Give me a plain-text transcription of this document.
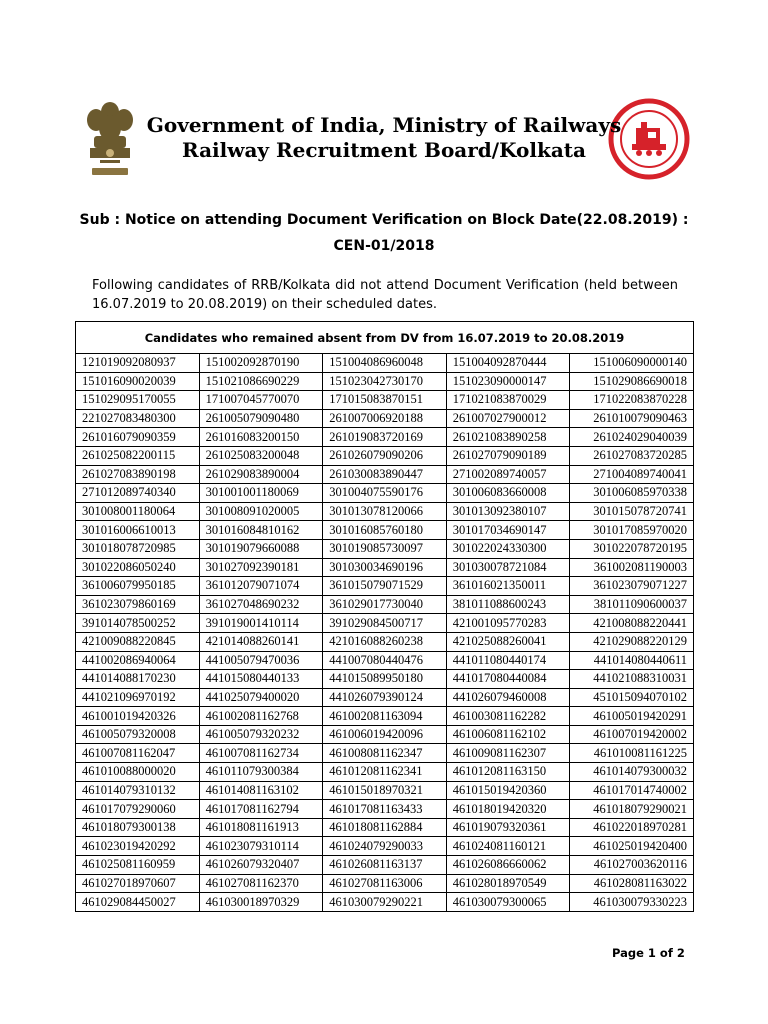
Government of India, Ministry of Railways
Railway Recruitment Board/Kolkata
Sub : Notice on attending Document Verification on Block Date(22.08.2019) :
CEN-01/2018
Following candidates of RRB/Kolkata did not attend Document Verification (held between 16.07.2019 to 20.08.2019) on their scheduled dates.
Candidates who remained absent from DV from 16.07.2019 to 20.08.2019				
121019092080937	151002092870190	151004086960048	151004092870444	151006090000140
151016090020039	151021086690229	151023042730170	151023090000147	151029086690018
151029095170055	171007045770070	171015083870151	171021083870029	171022083870228
221027083480300	261005079090480	261007006920188	261007027900012	261010079090463
261016079090359	261016083200150	261019083720169	261021083890258	261024029040039
261025082200115	261025083200048	261026079090206	261027079090189	261027083720285
261027083890198	261029083890004	261030083890447	271002089740057	271004089740041
271012089740340	301001001180069	301004075590176	301006083660008	301006085970338
301008001180064	301008091020005	301013078120066	301013092380107	301015078720741
301016006610013	301016084810162	301016085760180	301017034690147	301017085970020
301018078720985	301019079660088	301019085730097	301022024330300	301022078720195
301022086050240	301027092390181	301030034690196	301030078721084	361002081190003
361006079950185	361012079071074	361015079071529	361016021350011	361023079071227
361023079860169	361027048690232	361029017730040	381011088600243	381011090600037
391014078500252	391019001410114	391029084500717	421001095770283	421008088220441
421009088220845	421014088260141	421016088260238	421025088260041	421029088220129
441002086940064	441005079470036	441007080440476	441011080440174	441014080440611
441014088170230	441015080440133	441015089950180	441017080440084	441021088310031
441021096970192	441025079400020	441026079390124	441026079460008	451015094070102
461001019420326	461002081162768	461002081163094	461003081162282	461005019420291
461005079320008	461005079320232	461006019420096	461006081162102	461007019420002
461007081162047	461007081162734	461008081162347	461009081162307	461010081161225
461010088000020	461011079300384	461012081162341	461012081163150	461014079300032
461014079310132	461014081163102	461015018970321	461015019420360	461017014740002
461017079290060	461017081162794	461017081163433	461018019420320	461018079290021
461018079300138	461018081161913	461018081162884	461019079320361	461022018970281
461023019420292	461023079310114	461024079290033	461024081160121	461025019420400
461025081160959	461026079320407	461026081163137	461026086660062	461027003620116
461027018970607	461027081162370	461027081163006	461028018970549	461028081163022
461029084450027	461030018970329	461030079290221	461030079300065	461030079330223
Page 1 of 2
